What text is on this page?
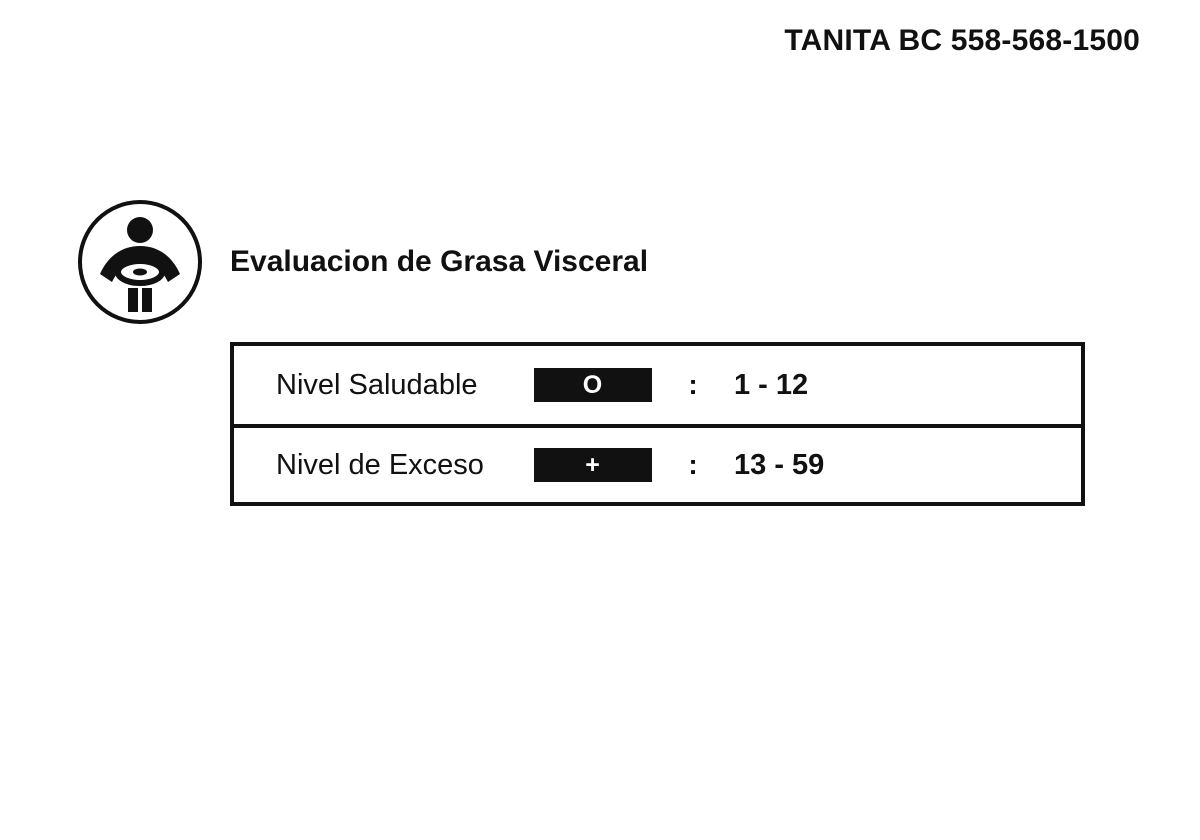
TANITA BC 558-568-1500
Evaluacion de Grasa Visceral
Nivel Saludable	O	:	1 - 12
Nivel de Exceso	+	:	13 - 59
